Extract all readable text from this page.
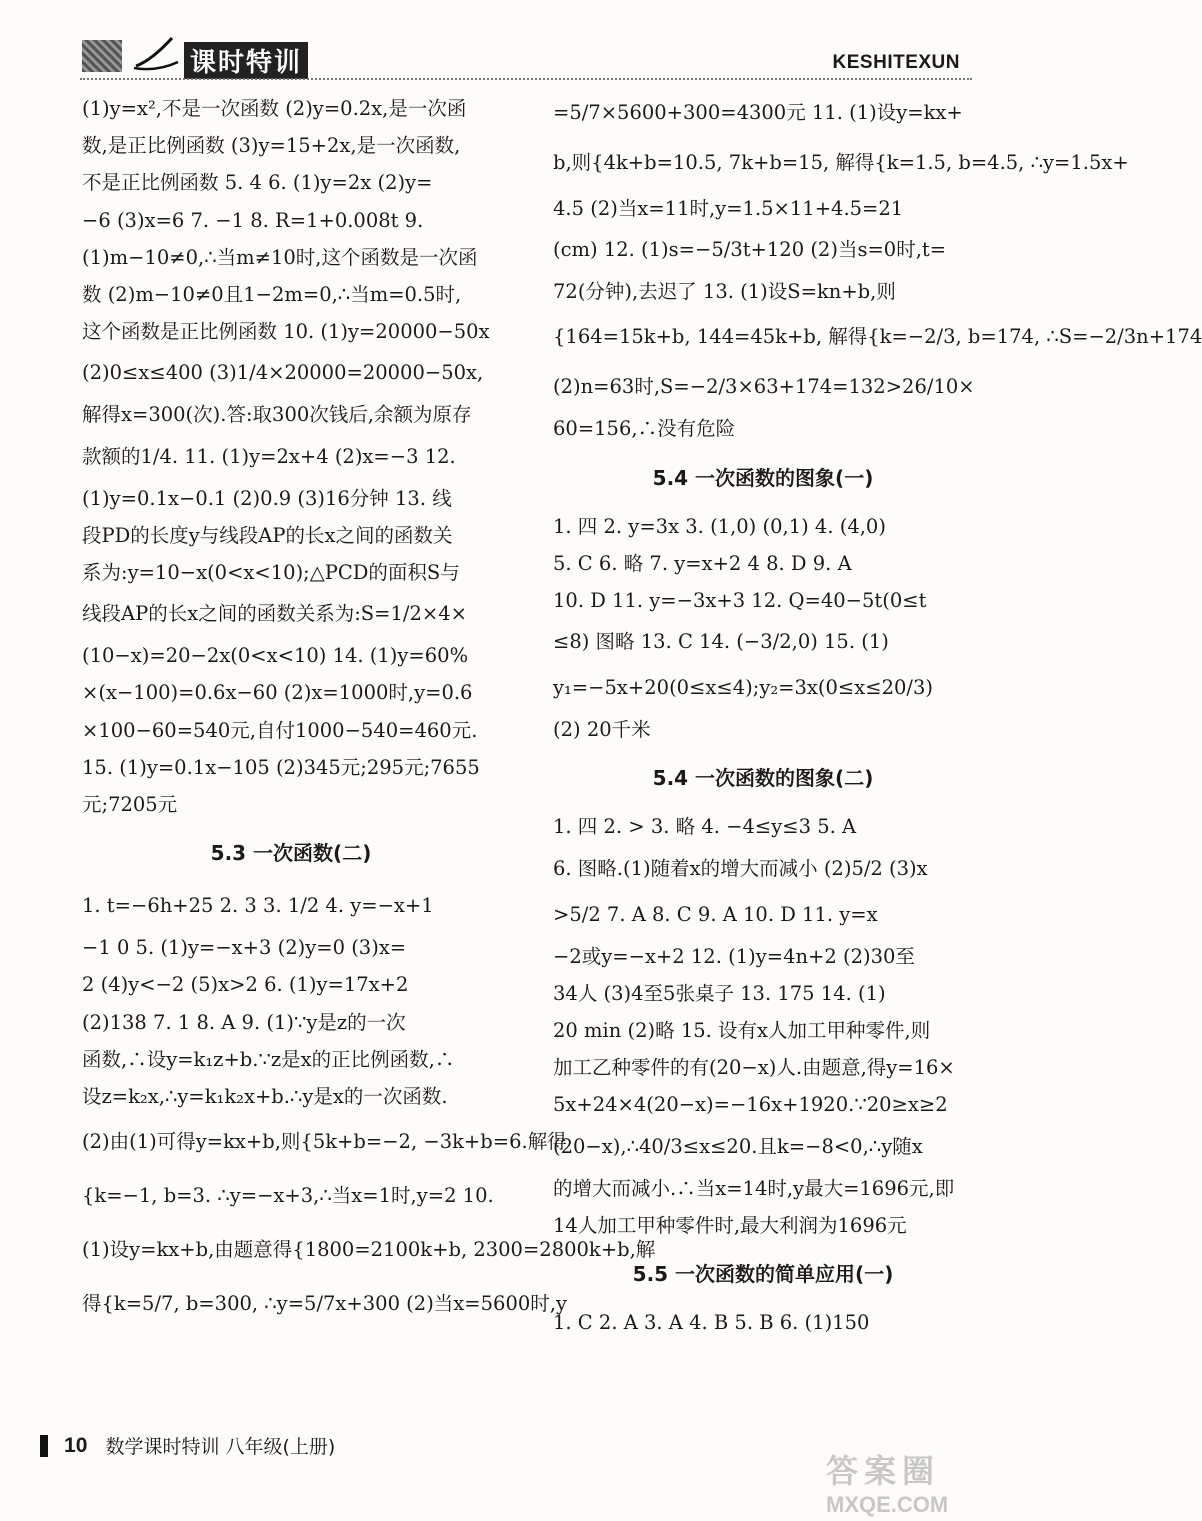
课时特训	KESHITEXUN

(1)y=x²,不是一次函数 (2)y=0.2x,是一次函

数,是正比例函数 (3)y=15+2x,是一次函数,

不是正比例函数 5. 4 6. (1)y=2x (2)y=

−6 (3)x=6 7. −1 8. R=1+0.008t 9.

(1)m−10≠0,∴当m≠10时,这个函数是一次函

数 (2)m−10≠0且1−2m=0,∴当m=0.5时,

这个函数是正比例函数 10. (1)y=20000−50x

(2)0≤x≤400 (3)1/4×20000=20000−50x,

解得x=300(次).答:取300次钱后,余额为原存

款额的1/4. 11. (1)y=2x+4 (2)x=−3 12.

(1)y=0.1x−0.1 (2)0.9 (3)16分钟 13. 线

段PD的长度y与线段AP的长x之间的函数关

系为:y=10−x(0<x<10);△PCD的面积S与

线段AP的长x之间的函数关系为:S=1/2×4×

(10−x)=20−2x(0<x<10) 14. (1)y=60%

×(x−100)=0.6x−60 (2)x=1000时,y=0.6

×100−60=540元,自付1000−540=460元.

15. (1)y=0.1x−105 (2)345元;295元;7655

元;7205元

5.3 一次函数(二)

1. t=−6h+25 2. 3 3. 1/2 4. y=−x+1

−1 0 5. (1)y=−x+3 (2)y=0 (3)x=

2 (4)y<−2 (5)x>2 6. (1)y=17x+2

(2)138 7. 1 8. A 9. (1)∵y是z的一次

函数,∴设y=k₁z+b.∵z是x的正比例函数,∴

设z=k₂x,∴y=k₁k₂x+b.∴y是x的一次函数.

(2)由(1)可得y=kx+b,则{5k+b=−2, −3k+b=6.解得

{k=−1, b=3. ∴y=−x+3,∴当x=1时,y=2 10.

(1)设y=kx+b,由题意得{1800=2100k+b, 2300=2800k+b,解

得{k=5/7, b=300, ∴y=5/7x+300 (2)当x=5600时,y

=5/7×5600+300=4300元 11. (1)设y=kx+

b,则{4k+b=10.5, 7k+b=15, 解得{k=1.5, b=4.5, ∴y=1.5x+

4.5 (2)当x=11时,y=1.5×11+4.5=21

(cm) 12. (1)s=−5/3t+120 (2)当s=0时,t=

72(分钟),去迟了 13. (1)设S=kn+b,则

{164=15k+b, 144=45k+b, 解得{k=−2/3, b=174, ∴S=−2/3n+174

(2)n=63时,S=−2/3×63+174=132>26/10×

60=156,∴没有危险

5.4 一次函数的图象(一)

1. 四 2. y=3x 3. (1,0) (0,1) 4. (4,0)

5. C 6. 略 7. y=x+2 4 8. D 9. A

10. D 11. y=−3x+3 12. Q=40−5t(0≤t

≤8) 图略 13. C 14. (−3/2,0) 15. (1)

y₁=−5x+20(0≤x≤4);y₂=3x(0≤x≤20/3)

(2) 20千米

5.4 一次函数的图象(二)

1. 四 2. > 3. 略 4. −4≤y≤3 5. A

6. 图略.(1)随着x的增大而减小 (2)5/2 (3)x

>5/2 7. A 8. C 9. A 10. D 11. y=x

−2或y=−x+2 12. (1)y=4n+2 (2)30至

34人 (3)4至5张桌子 13. 175 14. (1)

20 min (2)略 15. 设有x人加工甲种零件,则

加工乙种零件的有(20−x)人.由题意,得y=16×

5x+24×4(20−x)=−16x+1920.∵20≥x≥2

(20−x),∴40/3≤x≤20.且k=−8<0,∴y随x

的增大而减小.∴当x=14时,y最大=1696元,即

14人加工甲种零件时,最大利润为1696元

5.5 一次函数的简单应用(一)

1. C 2. A 3. A 4. B 5. B 6. (1)150

10 数学课时特训 八年级(上册)
答案圈
MXQE.COM
